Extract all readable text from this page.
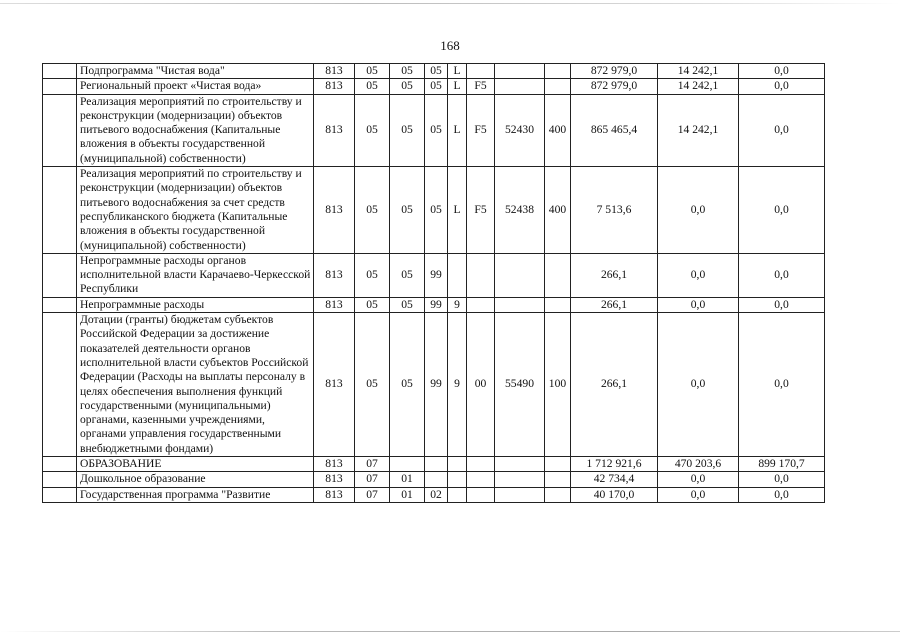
168
	Подпрограмма "Чистая вода"	813	05	05	05	L				872 979,0	14 242,1	0,0
	Региональный проект «Чистая вода»	813	05	05	05	L	F5			872 979,0	14 242,1	0,0
	Реализация мероприятий по строительству и реконструкции (модернизации) объектов питьевого водоснабжения (Капитальные вложения в объекты государственной (муниципальной) собственности)	813	05	05	05	L	F5	52430	400	865 465,4	14 242,1	0,0
	Реализация мероприятий по строительству и реконструкции (модернизации) объектов питьевого водоснабжения за счет средств республиканского бюджета (Капитальные вложения в объекты государственной (муниципальной) собственности)	813	05	05	05	L	F5	52438	400	7 513,6	0,0	0,0
	Непрограммные расходы органов исполнительной власти Карачаево-Черкесской Республики	813	05	05	99					266,1	0,0	0,0
	Непрограммные расходы	813	05	05	99	9				266,1	0,0	0,0
	Дотации (гранты) бюджетам субъектов Российской Федерации за достижение показателей деятельности органов исполнительной власти субъектов Российской Федерации (Расходы на выплаты персоналу в целях обеспечения выполнения функций государственными (муниципальными) органами, казенными учреждениями, органами управления государственными внебюджетными фондами)	813	05	05	99	9	00	55490	100	266,1	0,0	0,0
	ОБРАЗОВАНИЕ	813	07							1 712 921,6	470 203,6	899 170,7
	Дошкольное образование	813	07	01						42 734,4	0,0	0,0
	Государственная программа "Развитие	813	07	01	02					40 170,0	0,0	0,0
